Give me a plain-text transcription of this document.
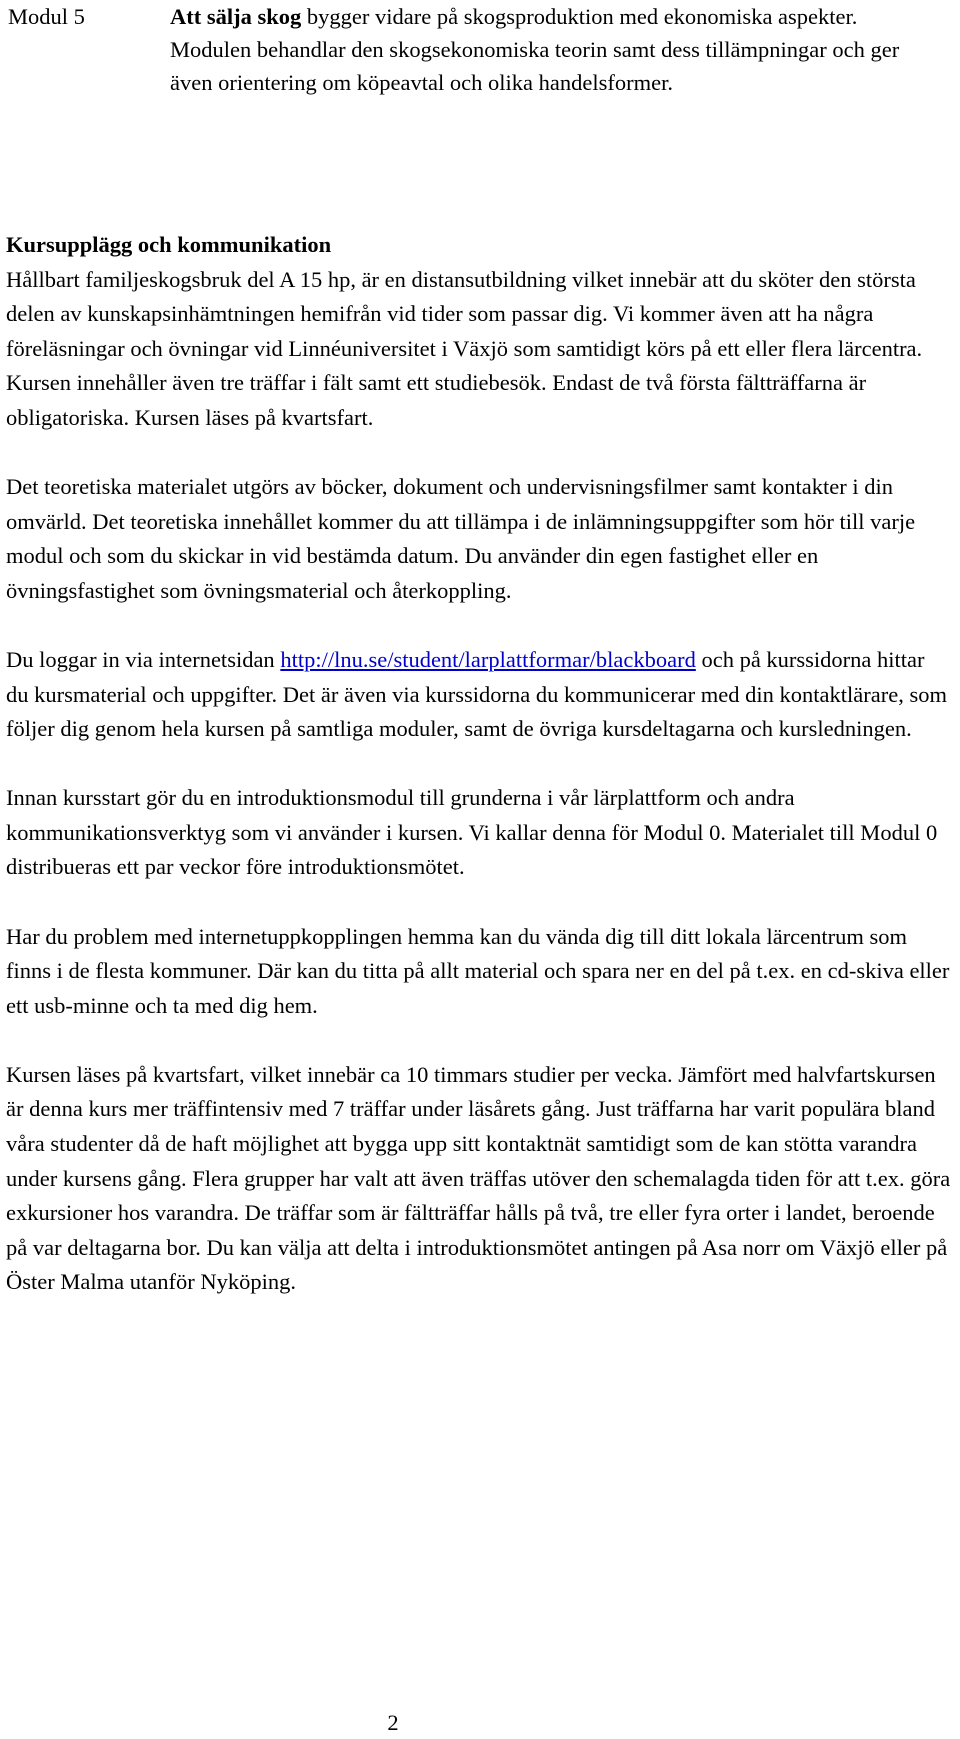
Modul 5	Att sälja skog bygger vidare på skogsproduktion med ekonomiska aspekter. Modulen behandlar den skogsekonomiska teorin samt dess tillämpningar och ger även orientering om köpeavtal och olika handelsformer.
Kursupplägg och kommunikation

Hållbart familjeskogsbruk del A 15 hp, är en distansutbildning vilket innebär att du sköter den största delen av kunskapsinhämtningen hemifrån vid tider som passar dig. Vi kommer även att ha några föreläsningar och övningar vid Linnéuniversitet i Växjö som samtidigt körs på ett eller flera lärcentra. Kursen innehåller även tre träffar i fält samt ett studiebesök. Endast de två första fältträffarna är obligatoriska. Kursen läses på kvartsfart.

Det teoretiska materialet utgörs av böcker, dokument och undervisningsfilmer samt kontakter i din omvärld. Det teoretiska innehållet kommer du att tillämpa i de inlämningsuppgifter som hör till varje modul och som du skickar in vid bestämda datum. Du använder din egen fastighet eller en övningsfastighet som övningsmaterial och återkoppling.

Du loggar in via internetsidan http://lnu.se/student/larplattformar/blackboard och på kurssidorna hittar du kursmaterial och uppgifter. Det är även via kurssidorna du kommunicerar med din kontaktlärare, som följer dig genom hela kursen på samtliga moduler, samt de övriga kursdeltagarna och kursledningen.

Innan kursstart gör du en introduktionsmodul till grunderna i vår lärplattform och andra kommunikationsverktyg som vi använder i kursen. Vi kallar denna för Modul 0. Materialet till Modul 0 distribueras ett par veckor före introduktionsmötet.

Har du problem med internetuppkopplingen hemma kan du vända dig till ditt lokala lärcentrum som finns i de flesta kommuner. Där kan du titta på allt material och spara ner en del på t.ex. en cd-skiva eller ett usb-minne och ta med dig hem.

Kursen läses på kvartsfart, vilket innebär ca 10 timmars studier per vecka. Jämfört med halvfartskursen är denna kurs mer träffintensiv med 7 träffar under läsårets gång. Just träffarna har varit populära bland våra studenter då de haft möjlighet att bygga upp sitt kontaktnät samtidigt som de kan stötta varandra under kursens gång. Flera grupper har valt att även träffas utöver den schemalagda tiden för att t.ex. göra exkursioner hos varandra. De träffar som är fältträffar hålls på två, tre eller fyra orter i landet, beroende på var deltagarna bor. Du kan välja att delta i introduktionsmötet antingen på Asa norr om Växjö eller på Öster Malma utanför Nyköping.

2
